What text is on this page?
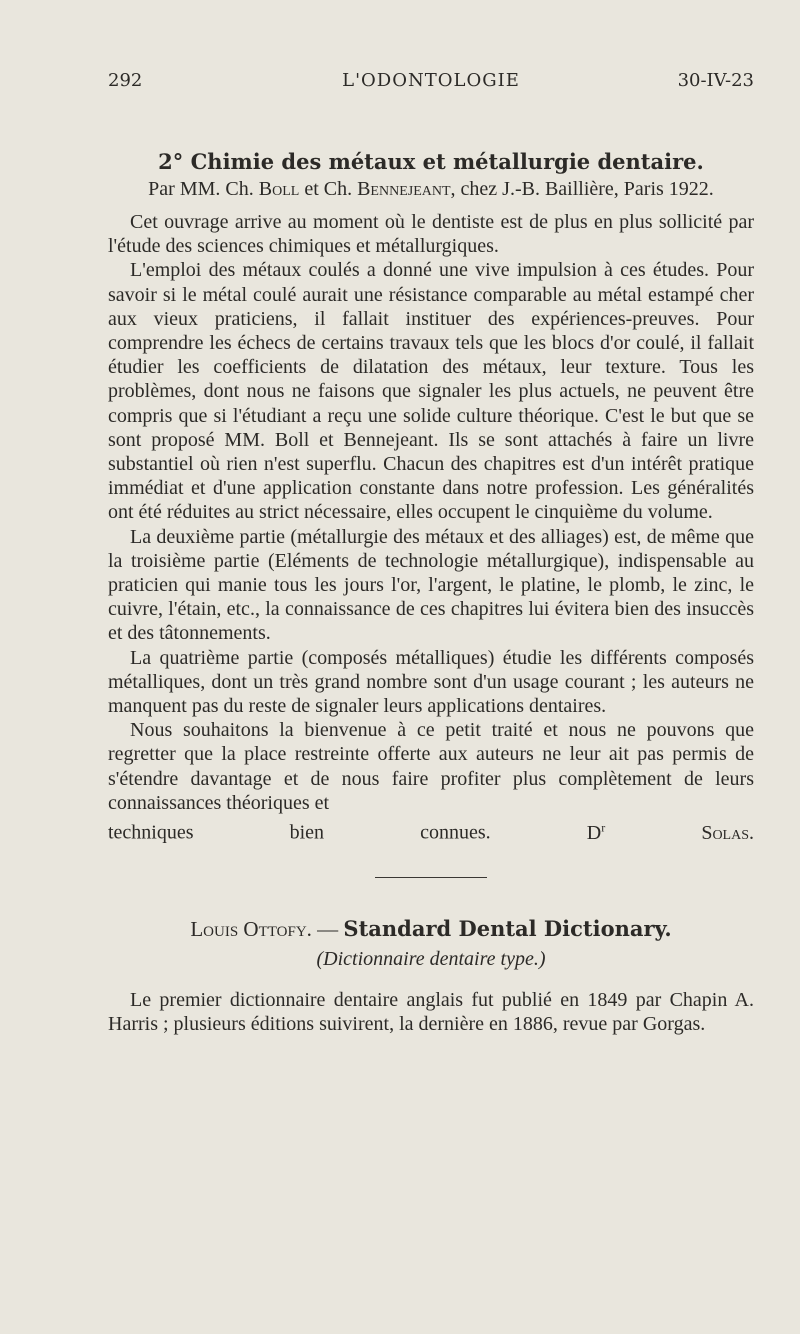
292	L'ODONTOLOGIE	30-IV-23
2° Chimie des métaux et métallurgie dentaire.

Par MM. Ch. Boll et Ch. Bennejeant, chez J.-B. Baillière, Paris 1922.

Cet ouvrage arrive au moment où le dentiste est de plus en plus sollicité par l'étude des sciences chimiques et métallurgiques.

L'emploi des métaux coulés a donné une vive impulsion à ces études. Pour savoir si le métal coulé aurait une résistance comparable au métal estampé cher aux vieux praticiens, il fallait instituer des expériences-preuves. Pour comprendre les échecs de certains travaux tels que les blocs d'or coulé, il fallait étudier les coefficients de dilatation des métaux, leur texture. Tous les problèmes, dont nous ne faisons que signaler les plus actuels, ne peuvent être compris que si l'étudiant a reçu une solide culture théorique. C'est le but que se sont proposé MM. Boll et Bennejeant. Ils se sont attachés à faire un livre substantiel où rien n'est superflu. Chacun des chapitres est d'un intérêt pratique immédiat et d'une application constante dans notre profession. Les généralités ont été réduites au strict nécessaire, elles occupent le cinquième du volume.

La deuxième partie (métallurgie des métaux et des alliages) est, de même que la troisième partie (Eléments de technologie métallurgique), indispensable au praticien qui manie tous les jours l'or, l'argent, le platine, le plomb, le zinc, le cuivre, l'étain, etc., la connaissance de ces chapitres lui évitera bien des insuccès et des tâtonnements.

La quatrième partie (composés métalliques) étudie les différents composés métalliques, dont un très grand nombre sont d'un usage courant ; les auteurs ne manquent pas du reste de signaler leurs applications dentaires.

Nous souhaitons la bienvenue à ce petit traité et nous ne pouvons que regretter que la place restreinte offerte aux auteurs ne leur ait pas permis de s'étendre davantage et de nous faire profiter plus complètement de leurs connaissances théoriques et

techniques bien connues.	$D^r$	Solas.

Louis Ottofy. — Standard Dental Dictionary.

(Dictionnaire dentaire type.)

Le premier dictionnaire dentaire anglais fut publié en 1849 par Chapin A. Harris ; plusieurs éditions suivirent, la dernière en 1886, revue par Gorgas.
